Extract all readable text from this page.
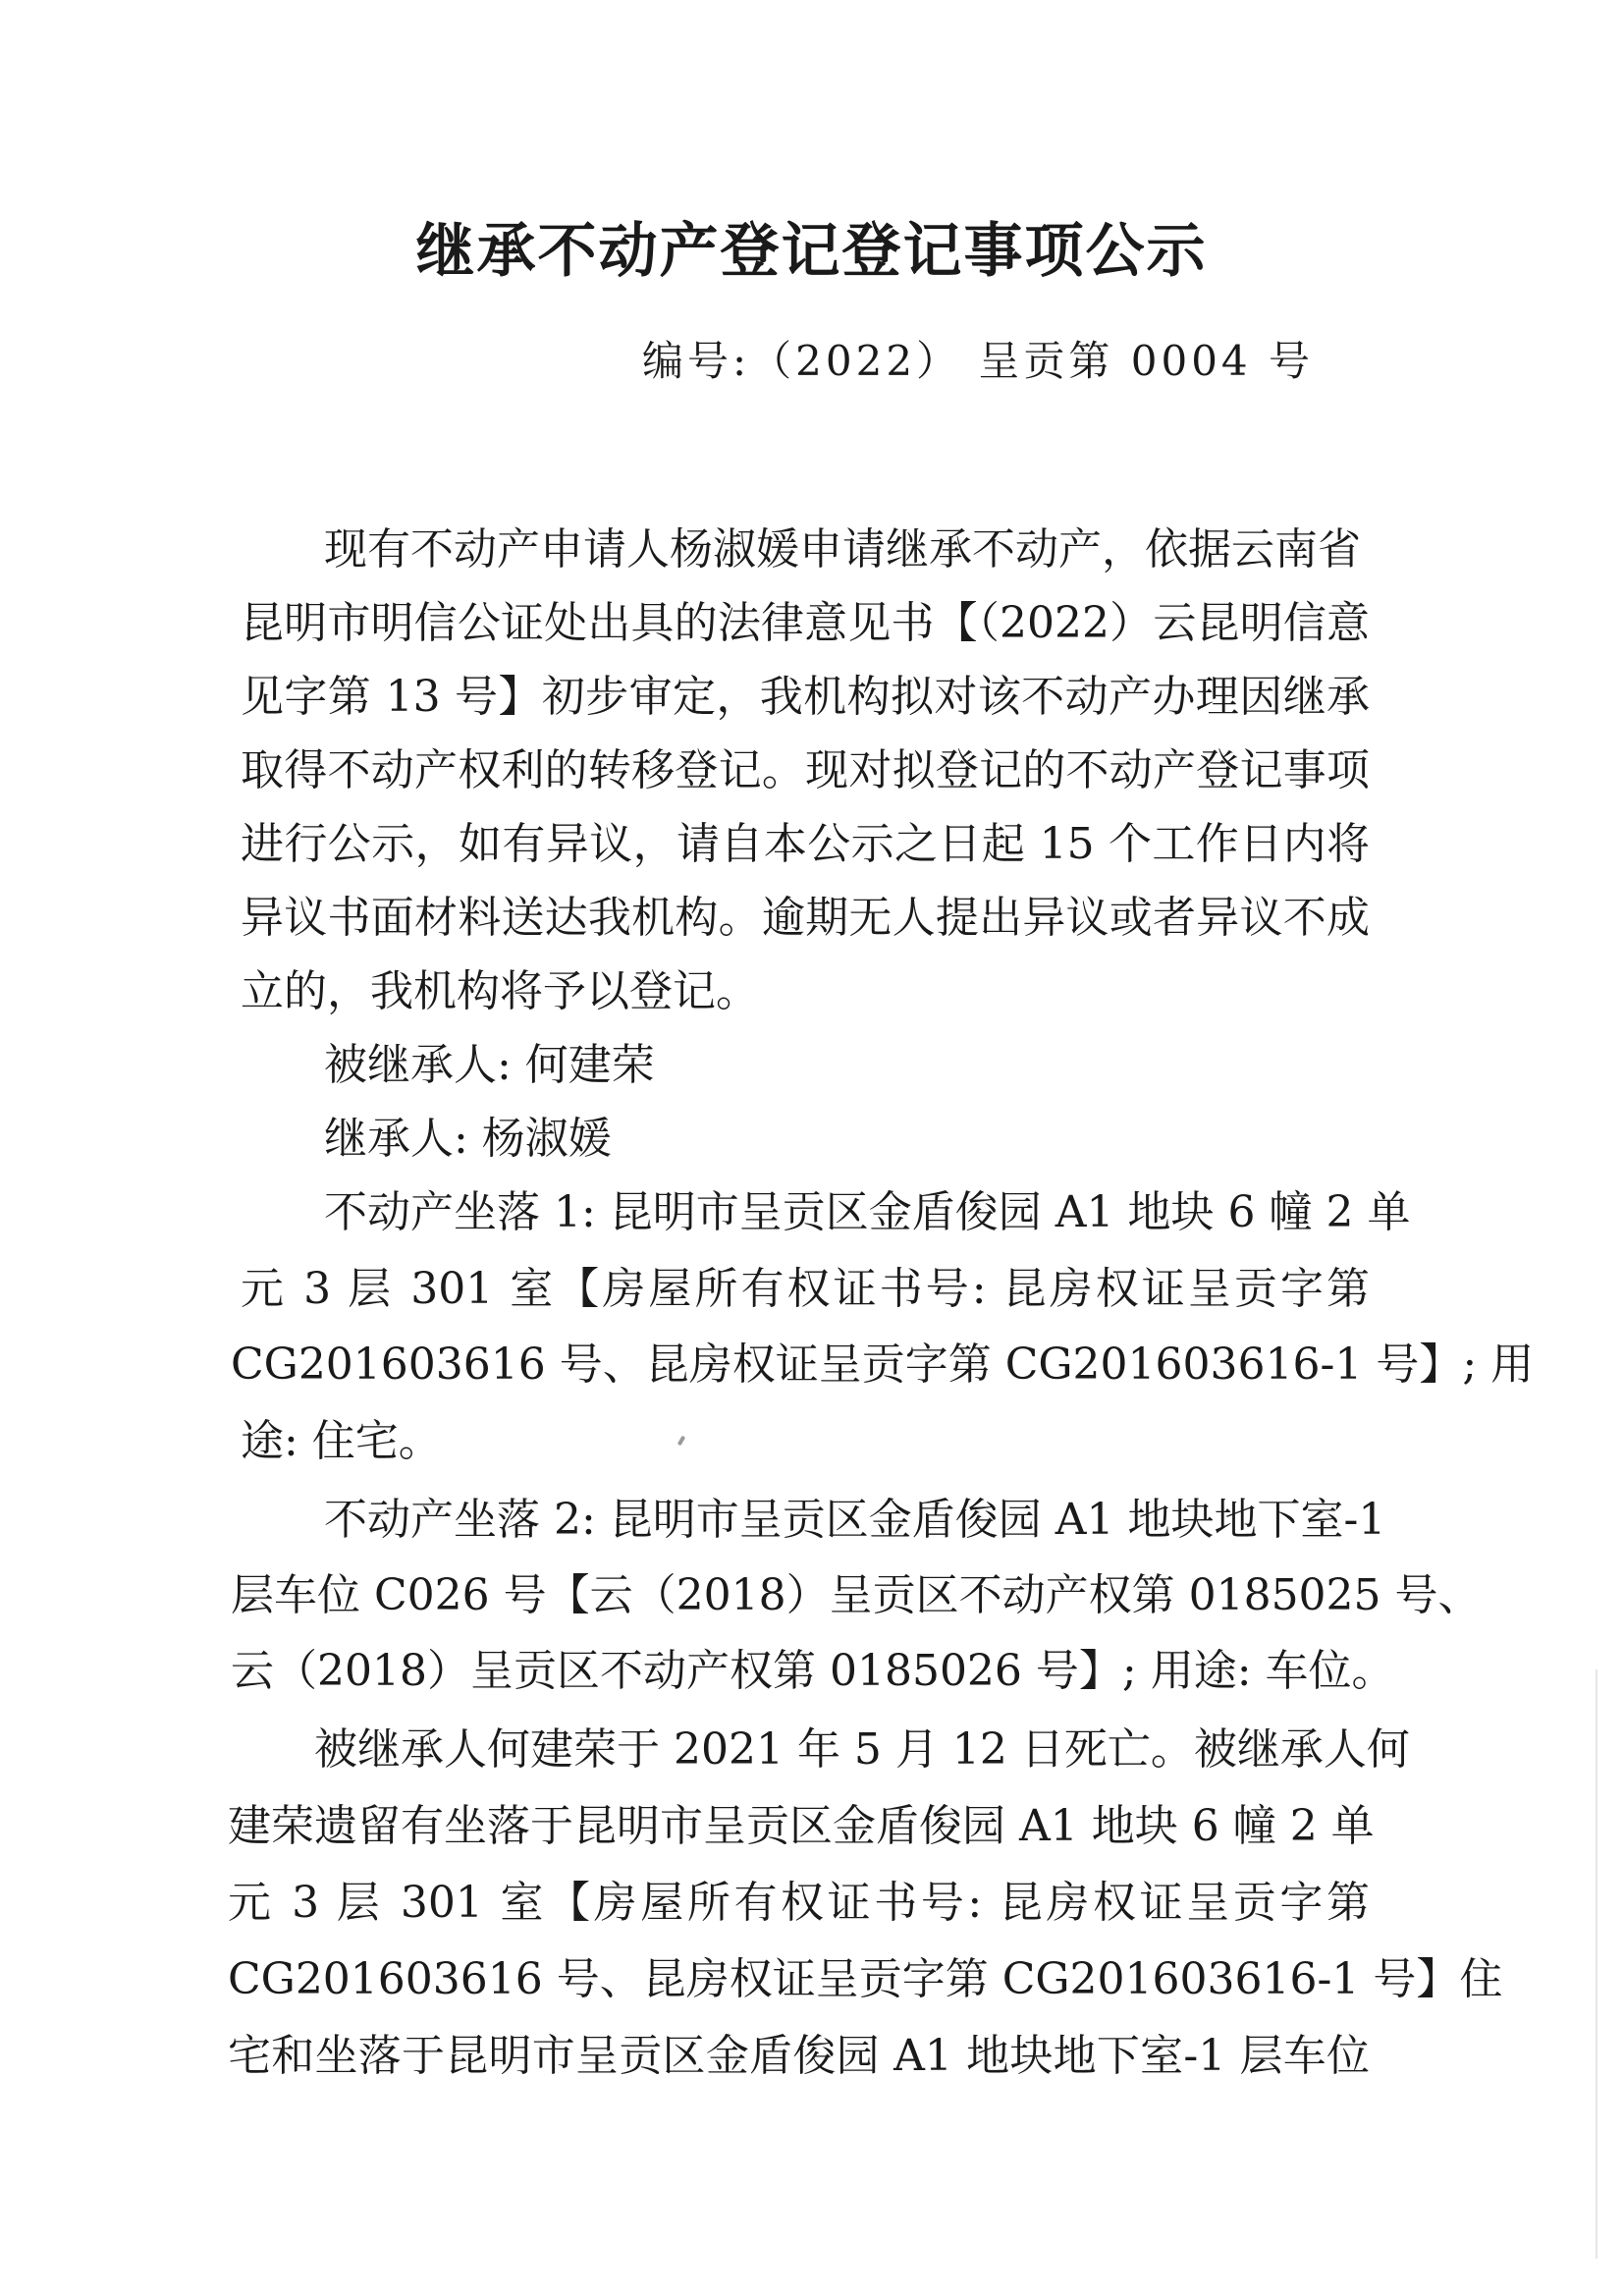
继承不动产登记登记事项公示
编号:（2022） 呈贡第 0004 号
现有不动产申请人杨淑媛申请继承不动产，依据云南省
昆明市明信公证处出具的法律意见书【（2022）云昆明信意
见字第 13 号】初步审定，我机构拟对该不动产办理因继承
取得不动产权利的转移登记。现对拟登记的不动产登记事项
进行公示，如有异议，请自本公示之日起 15 个工作日内将
异议书面材料送达我机构。逾期无人提出异议或者异议不成
立的，我机构将予以登记。
被继承人: 何建荣
继承人: 杨淑媛
不动产坐落 1: 昆明市呈贡区金盾俊园 A1 地块 6 幢 2 单
元 3 层 301 室【房屋所有权证书号: 昆房权证呈贡字第
CG201603616 号、昆房权证呈贡字第 CG201603616-1 号】; 用
途: 住宅。
不动产坐落 2: 昆明市呈贡区金盾俊园 A1 地块地下室-1
层车位 C026 号【云（2018）呈贡区不动产权第 0185025 号、
云（2018）呈贡区不动产权第 0185026 号】; 用途: 车位。
被继承人何建荣于 2021 年 5 月 12 日死亡。被继承人何
建荣遗留有坐落于昆明市呈贡区金盾俊园 A1 地块 6 幢 2 单
元 3 层 301 室【房屋所有权证书号: 昆房权证呈贡字第
CG201603616 号、昆房权证呈贡字第 CG201603616-1 号】住
宅和坐落于昆明市呈贡区金盾俊园 A1 地块地下室-1 层车位
